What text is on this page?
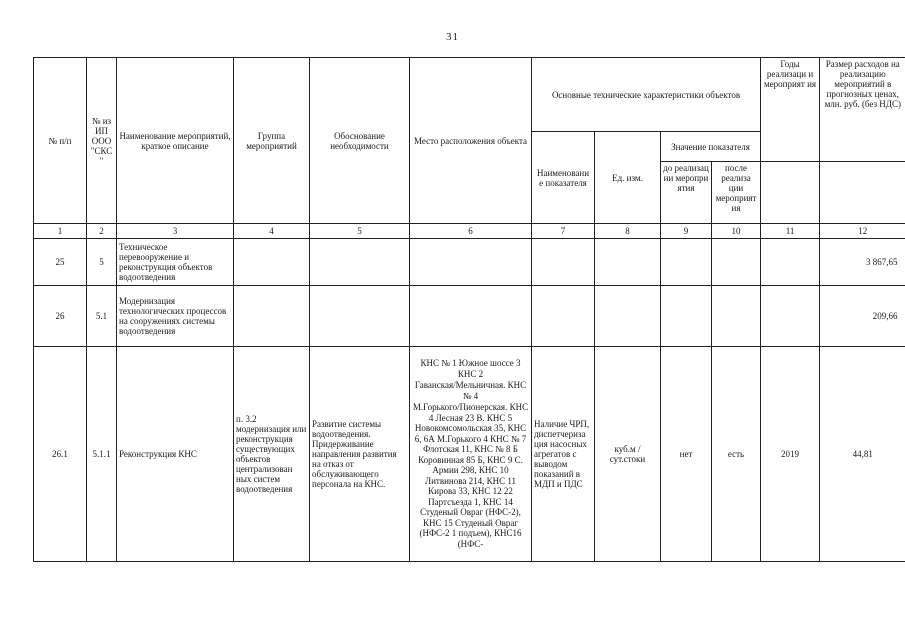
31
№ п/п	№ из ИП ООО "СКС"	Наименование мероприятий, краткое описание	Группа мероприятий	Обоснование необходимости	Место расположения объекта	Основные технические характеристики объектов				Годы реализаци и мероприят ия	Размер расходов на реализацию мероприятий в прогнозных ценах, млн. руб. (без НДС)
						Наименовани е показателя	Ед. изм.	Значение показателя			
								до реализац ии меропри ятия	после реализа ции мероприятия		
1	2	3	4	5	6	7	8	9	10	11	12
25	5	Техническое перевооружение и реконструкция объектов водоотведения									3 867,65
26	5.1	Модернизация технологических процессов на сооружениях системы водоотведения									209,66
26.1	5.1.1	Реконструкция КНС	п. 3.2 модернизация или реконструкция существующих объектов централизован ных систем водоотведения	Развитие системы водоотведения. Придерживание направления развития на отказ от обслуживающего персонала на КНС.	КНС № 1 Южное шоссе 3 КНС 2
Гаванская/Мельничная. КНС № 4
М.Горького/Пионерская. КНС 4 Лесная 23 В. КНС 5 Новокомсомольская 35, КНС 6, 6А М.Горького 4 КНС № 7 Флотская 11, КНС № 8 Б Коровинная 85 Б, КНС 9 С. Армии 298, КНС 10 Литвинова 214, КНС 11 Кирова 33, КНС 12 22 Партсъезда 1, КНС 14 Студеный Овраг (НФС-2), КНС 15 Студеный Овраг (НФС-2 1 подъем), КНС16 (НФС-	Наличие ЧРП, диспетчериза ция насосных агрегатов с выводом показаний в МДП и ПДС	куб.м /сут.стоки	нет	есть	2019	44,81
